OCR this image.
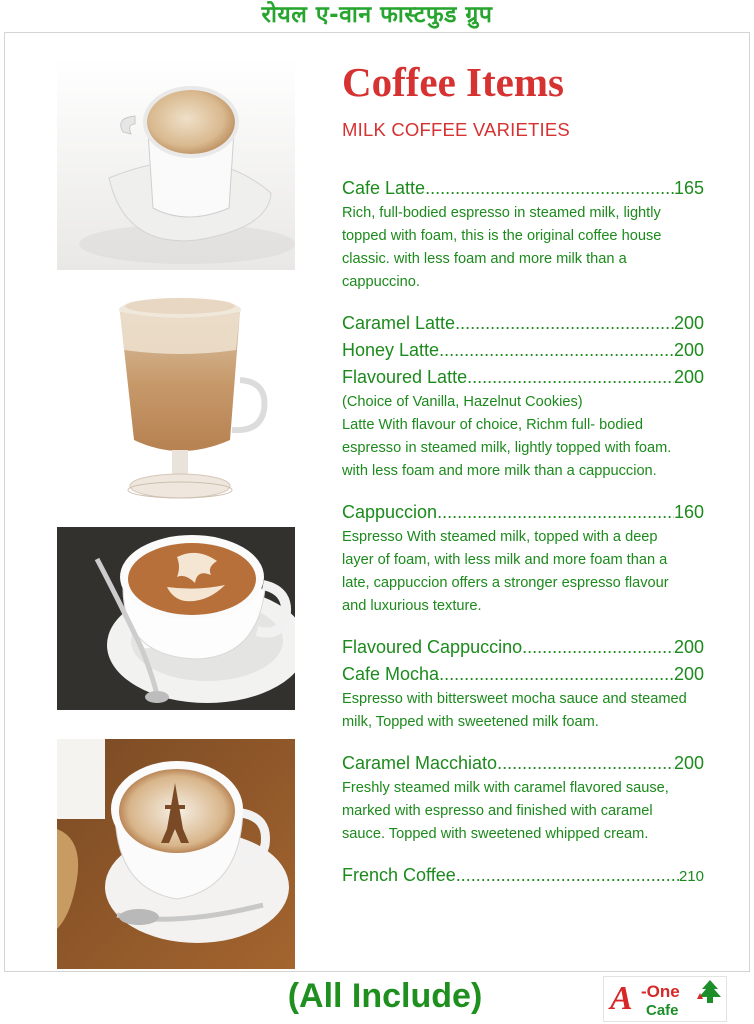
रोयल ए-वान फास्टफुड ग्रुप
Coffee Items
MILK COFFEE VARIETIES
Cafe Latte .....	165
Rich, full-bodied espresso in steamed milk, lightly
topped with foam, this is the original coffee house
classic. with less foam and more milk than a
cappuccino.
Caramel Latte .....	200
Honey Latte .....	200
Flavoured Latte .....	200
(Choice of Vanilla, Hazelnut Cookies)
Latte With flavour of choice, Richm full- bodied
espresso in steamed milk, lightly topped with foam.
with less foam and more milk than a cappuccion.
Cappuccion .....	160
Espresso With steamed milk, topped with a deep
layer of foam, with less milk and more foam than a
late, cappuccion offers a stronger espresso flavour
and luxurious texture.
Flavoured Cappuccino .....	200
Cafe Mocha .....	200
Espresso with bittersweet mocha sauce and steamed
milk, Topped with sweetened milk foam.
Caramel Macchiato .....	200
Freshly steamed milk with caramel flavored sause,
marked with espresso and finished with caramel
sauce. Topped with sweetened whipped cream.
French Coffee .....	210
(All Include)	A -One
Cafe
